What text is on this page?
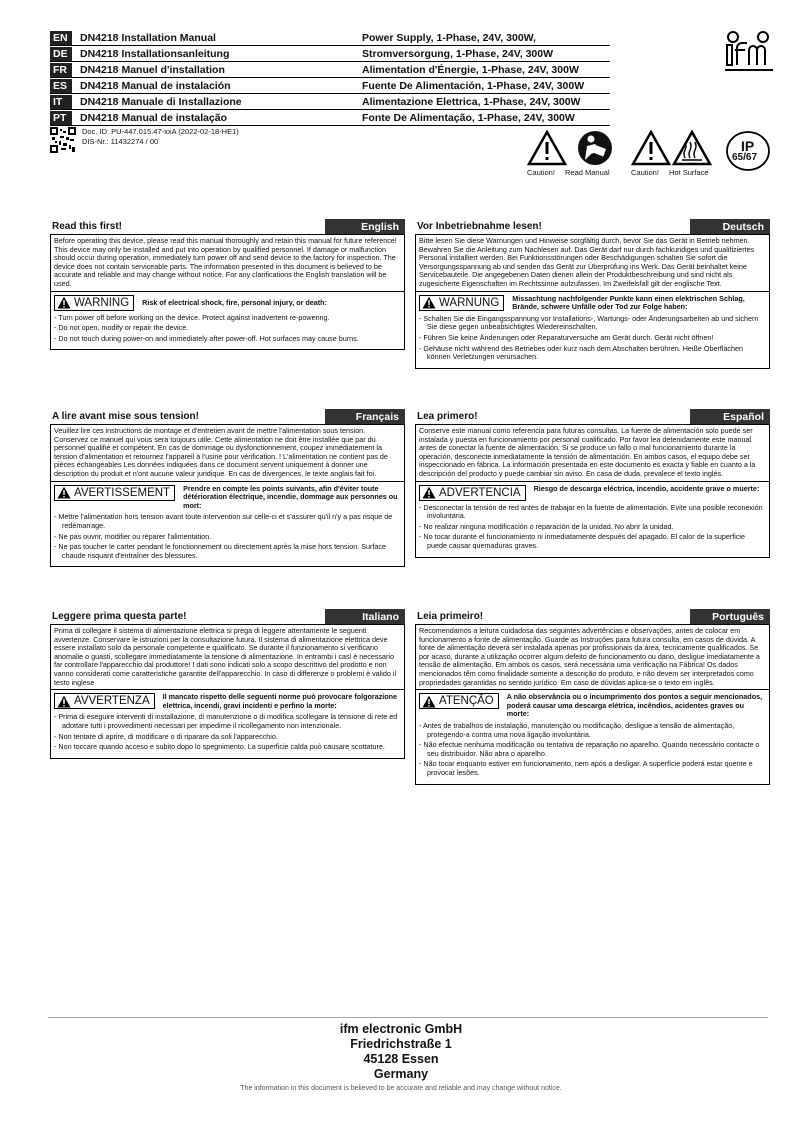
EN	DN4218 Installation Manual	Power Supply, 1-Phase, 24V, 300W,
DE	DN4218 Installationsanleitung	Stromversorgung, 1-Phase, 24V, 300W
FR	DN4218 Manuel d'installation	Alimentation d'Énergie, 1-Phase, 24V, 300W
ES	DN4218 Manual de instalación	Fuente De Alimentación, 1-Phase, 24V, 300W
IT	DN4218 Manuale di Installazione	Alimentazione Elettrica, 1-Phase, 24V, 300W
PT	DN4218 Manual de instalação	Fonte De Alimentação, 1-Phase, 24V, 300W
Doc. ID: PU-447.015.47-xxA (2022-02-18-HE1)
DIS-Nr.: 11432274 / 00
Caution! Read Manual	Caution! Hot Surface
IP
65/67
Read this first!	English
Before operating this device, please read this manual thoroughly and retain this manual for future reference! This device may only be installed and put into operation by qualified personnel. If damage or malfunction should occur during operation, immediately turn power off and send device to the factory for inspection. The device does not contain serviceable parts. The information presented in this document is believed to be accurate and reliable and may change without notice. For any clarifications the English translation will be used.
WARNING Risk of electrical shock, fire, personal injury, or death:
- Turn power off before working on the device. Protect against inadvertent re-powering.
- Do not open, modify or repair the device.
- Do not touch during power-on and immediately after power-off. Hot surfaces may cause burns.
Vor Inbetriebnahme lesen!	Deutsch
Bitte lesen Sie diese Warnungen und Hinweise sorgfältig durch, bevor Sie das Gerät in Betrieb nehmen. Bewahren Sie die Anleitung zum Nachlesen auf. Das Gerät darf nur durch fachkundiges und qualifiziertes Personal installiert werden. Bei Funktionsstörungen oder Beschädigungen schalten Sie sofort die Versorgungsspannung ab und senden das Gerät zur Überprüfung ins Werk. Das Gerät beinhaltet keine Servicebauteile. Die angegebenen Daten dienen allein der Produktbeschreibung und sind nicht als zugesicherte Eigenschaften im Rechtssinne aufzufassen. Im Zweifelsfall gilt der englische Text.
WARNUNG Missachtung nachfolgender Punkte kann einen elektrischen Schlag, Brände, schwere Unfälle oder Tod zur Folge haben:
- Schalten Sie die Eingangsspannung vor Installations-, Wartungs- oder Änderungsarbeiten ab und sichern Sie diese gegen unbeabsichtigtes Wiedereinschalten.
- Führen Sie keine Änderungen oder Reparaturversuche am Gerät durch. Gerät nicht öffnen!
- Gehäuse nicht während des Betriebes oder kurz nach dem Abschalten berühren. Heiße Oberflächen können Verletzungen verursachen.
A lire avant mise sous tension!	Français
Veuillez lire ces instructions de montage et d'entretien avant de mettre l'alimentation sous tension. Conservez ce manuel qui vous sera toujours utile. Cette alimentation ne doit être installée que par du personnel qualifié et compétent. En cas de dommage ou dysfonctionnement, coupez immédiatement la tension d'alimentation et retournez l'appareil à l'usine pour vérification. ! L'alimentation ne contient pas de pièces échangeables Les données indiquées dans ce document servent uniquement à donner une description du produit et n'ont aucune valeur juridique. En cas de divergences, le texte anglais fait foi.
AVERTISSEMENT Prendre en compte les points suivants, afin d'éviter toute détérioration électrique, incendie, dommage aux personnes ou mort:
- Mettre l'alimentation hors tension avant toute intervention sur celle-ci et s'assurer qu'il n'y a pas risque de redémarrage.
- Ne pas ouvrir, modifier ou réparer l'alimentation.
- Ne pas toucher le carter pendant le fonctionnement ou directement après la mise hors tension. Surface chaude risquant d'entraîner des blessures.
Lea primero!	Español
Conserve este manual como referencia para futuras consultas. La fuente de alimentación solo puede ser instalada y puesta en funcionamiento por personal cualificado. Por favor lea detenidamente este manual antes de conectar la fuente de alimentación. Si se produce un fallo o mal funcionamiento durante la operación, desconecte inmediatamente la tensión de alimentación. En ambos casos, el equipo debe ser inspeccionado en fábrica. La información presentada en este documento es exacta y fiable en cuanto a la descripción del producto y puede cambiar sin aviso. En casa de duda, prevalece el texto inglés.
ADVERTENCIA Riesgo de descarga eléctrica, incendio, accidente grave o muerte:
- Desconectar la tensión de red antes de trabajar en la fuente de alimentación. Evite una posible reconexión involuntaria.
- No realizar ninguna modificación o reparación de la unidad. No abrir la unidad.
- No tocar durante el funcionamiento ni inmediatamente después del apagado. El calor de la superficie puede causar quemaduras graves.
Leggere prima questa parte!	Italiano
Prima di collegare il sistema di alimentazione elettrica si prega di leggere attentamente le seguenti avvertenze. Conservare le istruzioni per la consultazione futura. Il sistema di alimentazione elettrica deve essere installato solo da personale competente e qualificato. Se durante il funzionamento si verificano anomalie o guasti, scollegare immediatamente la tensione di alimentazione. In entrambi i casi è necessario far controllare l'apparecchio dal produttore! I dati sono indicati solo a scopo descrittivo del prodotto e non vanno considerati come caratteristiche garantite dell'apparecchio. In caso di differenze o problemi è valido il testo inglese
AVVERTENZA Il mancato rispetto delle seguenti norme può provocare folgorazione elettrica, incendi, gravi incidenti e perfino la morte:
- Prima di eseguire interventi di installazione, di manutenzione o di modifica scollegare la tensione di rete ed adottare tutti i provvedimenti necessari per impedirne il ricollegamento non intenzionale.
- Non tentare di aprire, di modificare o di riparare da soli l'apparecchio.
- Non toccare quando acceso e subito dopo lo spegnimento. La superficie calda può causare scottature.
Leia primeiro!	Português
Recomendamos a leitura cuidadosa das seguintes advertências e observações, antes de colocar em funcionamento a fonte de alimentação. Guarde as Instruções para futura consulta, em casos de dúvida. A fonte de alimentação deverá ser instalada apenas por profissionais da área, tecnicamente qualificados. Se por acaso, durante a utilização ocorrer algum defeito de funcionamento ou dano, desligue imediatamente a tensão de alimentação. Em ambos os casos, será necessária uma verificação na Fábrica! Os dados mencionados têm como finalidade somente a descrição do produto, e não devem ser interpretados como propriedades garantidas no sentido jurídico. Em caso de dúvidas aplica-se o texto em inglês.
ATENÇÃO A não observância ou o incumprimento dos pontos a seguir mencionados, poderá causar uma descarga elétrica, incêndios, acidentes graves ou morte:
- Antes de trabalhos de instalação, manutenção ou modificação, desligue a tensão de alimentação, protegendo-a contra uma nova ligação involuntária.
- Não efectue nenhuma modificação ou tentativa de reparação no aparelho. Quando necessário contacte o seu distribuidor. Não abra o aparelho.
- Não tocar enquanto estiver em funcionamento, nem após a desligar. A superfície poderá estar quente e provocar lesões.
ifm electronic GmbH
Friedrichstraße 1
45128 Essen
Germany
The information in this document is believed to be accurate and reliable and may change without notice.
